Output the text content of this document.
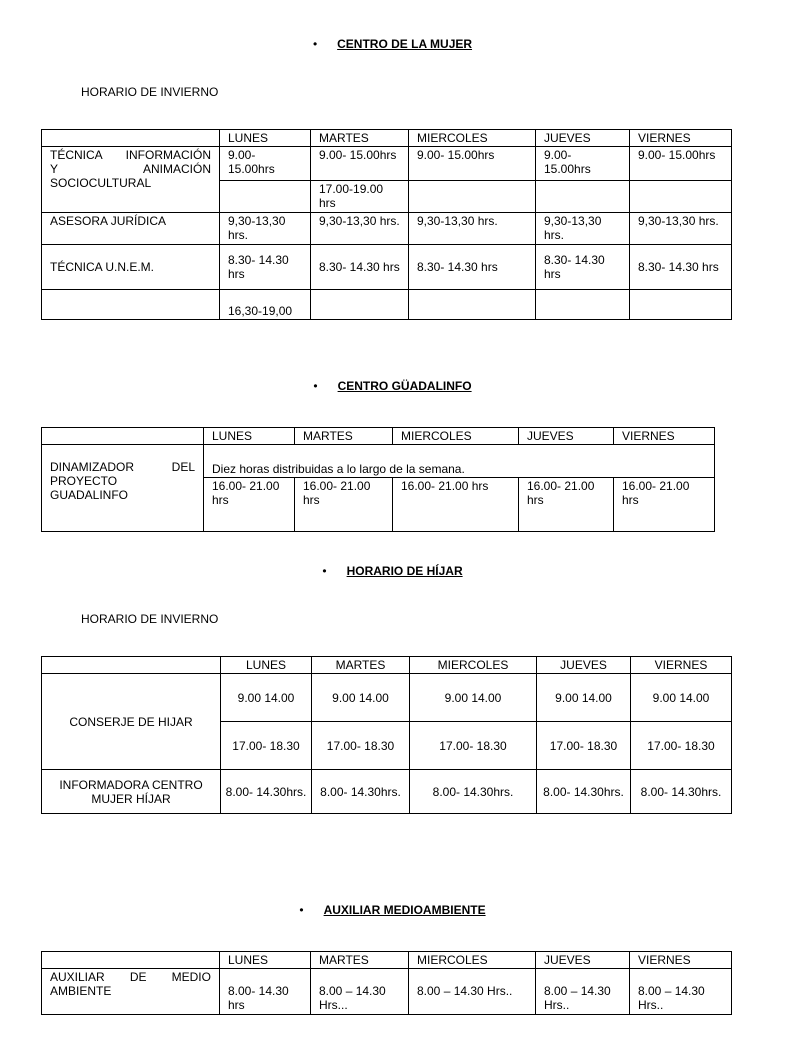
• CENTRO DE LA MUJER
HORARIO DE INVIERNO
	LUNES	MARTES	MIERCOLES	JUEVES	VIERNES

TÉCNICA INFORMACIÓN
Y ANIMACIÓN
SOCIOCULTURAL	9.00- 15.00hrs	9.00- 15.00hrs	9.00- 15.00hrs	9.00- 15.00hrs	9.00- 15.00hrs
		17.00-19.00 hrs			
ASESORA JURÍDICA	9,30-13,30 hrs.	9,30-13,30 hrs.	9,30-13,30 hrs.	9,30-13,30 hrs.	9,30-13,30 hrs.
TÉCNICA U.N.E.M.	8.30- 14.30 hrs	8.30- 14.30 hrs	8.30- 14.30 hrs	8.30- 14.30 hrs	8.30- 14.30 hrs
	16,30-19,00				
• CENTRO GÜADALINFO
	LUNES	MARTES	MIERCOLES	JUEVES	VIERNES

DINAMIZADOR DEL
PROYECTO
GUADALINFO	Diez horas distribuidas a lo largo de la semana.				
	16.00- 21.00 hrs	16.00- 21.00 hrs	16.00- 21.00 hrs	16.00- 21.00 hrs	16.00- 21.00 hrs
• HORARIO DE HÍJAR
HORARIO DE INVIERNO
	LUNES	MARTES	MIERCOLES	JUEVES	VIERNES
CONSERJE DE HIJAR	9.00 14.00	9.00 14.00	9.00 14.00	9.00 14.00	9.00 14.00
	17.00- 18.30	17.00- 18.30	17.00- 18.30	17.00- 18.30	17.00- 18.30
INFORMADORA CENTRO MUJER HÍJAR	8.00- 14.30hrs.	8.00- 14.30hrs.	8.00- 14.30hrs.	8.00- 14.30hrs.	8.00- 14.30hrs.
• AUXILIAR MEDIOAMBIENTE
	LUNES	MARTES	MIERCOLES	JUEVES	VIERNES

AUXILIAR DE MEDIO
AMBIENTE	8.00- 14.30 hrs	8.00 – 14.30 Hrs...	8.00 – 14.30 Hrs..	8.00 – 14.30 Hrs..	8.00 – 14.30 Hrs..
